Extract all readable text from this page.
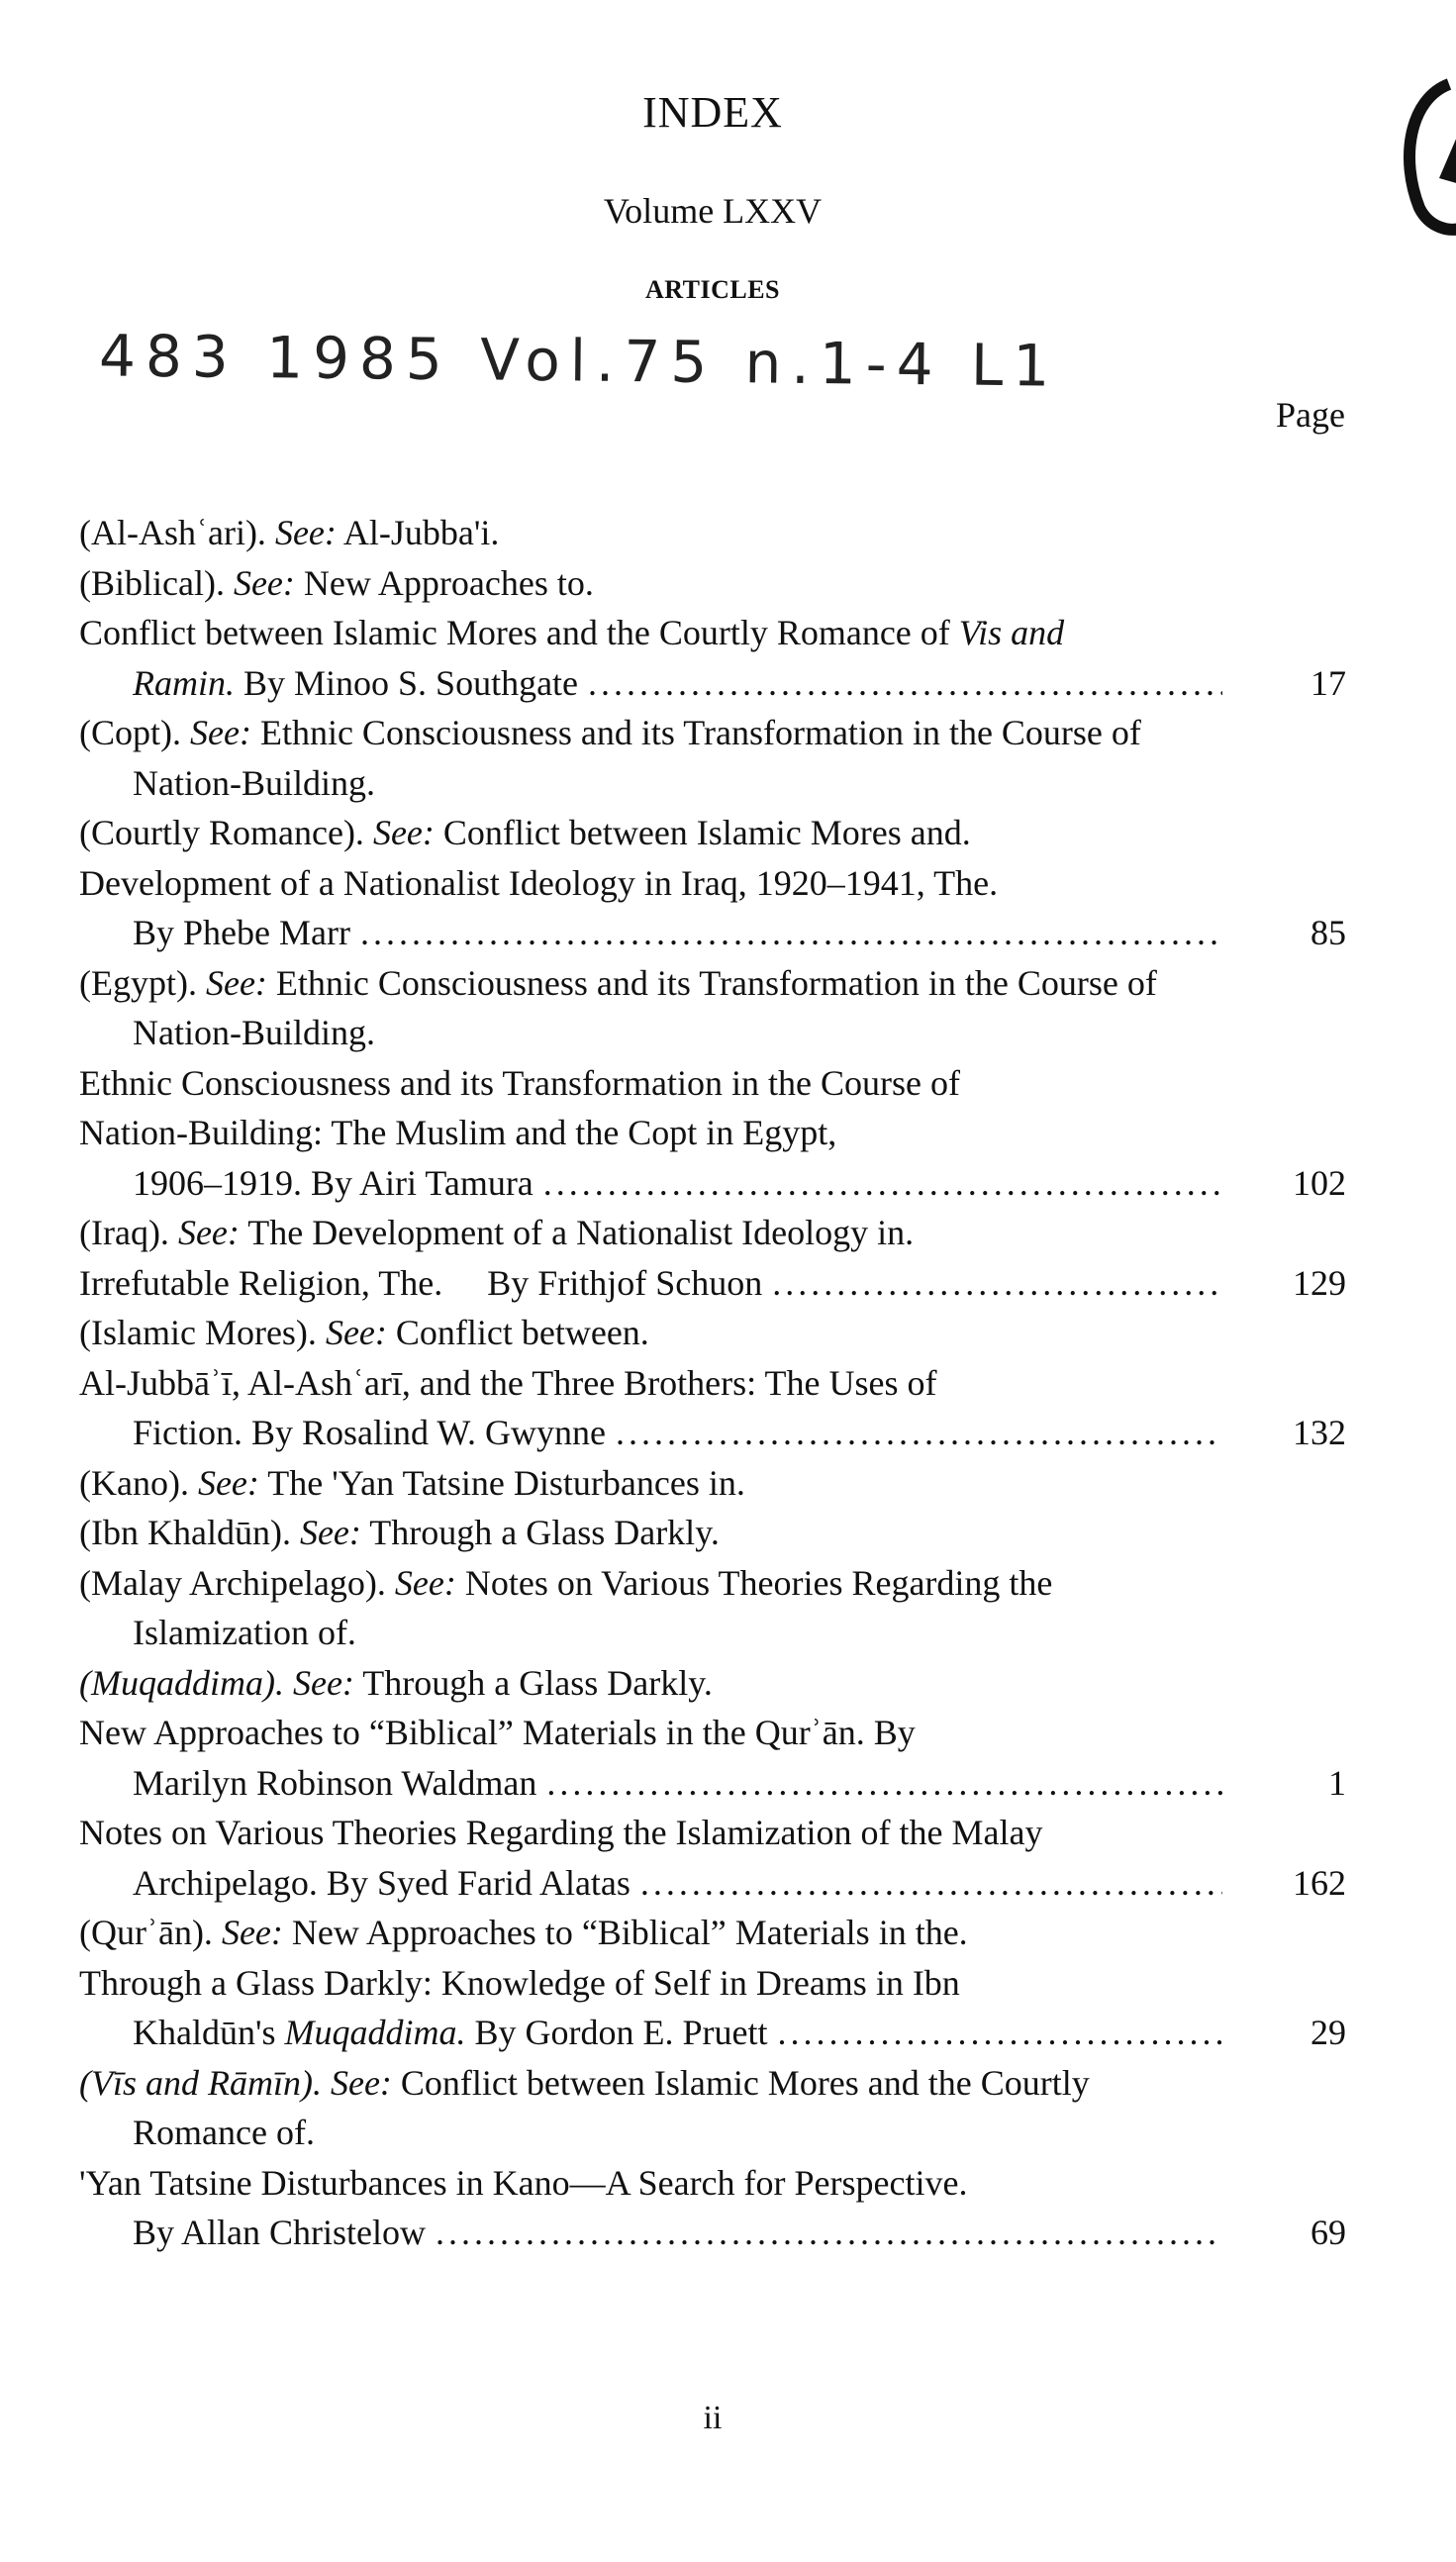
INDEX
Volume LXXV
ARTICLES
483 1985 Vol.75 n.1-4 L1
Page
(Al-Ashʿari). See: Al-Jubba'i.
(Biblical). See: New Approaches to.
Conflict between Islamic Mores and the Courtly Romance of Vis and
Ramin. By Minoo S. Southgate .....	17
(Copt). See: Ethnic Consciousness and its Transformation in the Course of Nation-Building.
(Courtly Romance). See: Conflict between Islamic Mores and.
Development of a Nationalist Ideology in Iraq, 1920–1941, The.
By Phebe Marr .....	85
(Egypt). See: Ethnic Consciousness and its Transformation in the Course of Nation-Building.
Ethnic Consciousness and its Transformation in the Course of
Nation-Building: The Muslim and the Copt in Egypt,
1906–1919. By Airi Tamura .....	102
(Iraq). See: The Development of a Nationalist Ideology in.
Irrefutable Religion, The.     By Frithjof Schuon .....	129
(Islamic Mores). See: Conflict between.
Al-Jubbāʾī, Al-Ashʿarī, and the Three Brothers: The Uses of
Fiction. By Rosalind W. Gwynne .....	132
(Kano). See: The 'Yan Tatsine Disturbances in.
(Ibn Khaldūn). See: Through a Glass Darkly.
(Malay Archipelago). See: Notes on Various Theories Regarding the Islamization of.
(Muqaddima). See: Through a Glass Darkly.
New Approaches to “Biblical” Materials in the Qurʾān. By
Marilyn Robinson Waldman .....	1
Notes on Various Theories Regarding the Islamization of the Malay
Archipelago. By Syed Farid Alatas .....	162
(Qurʾān). See: New Approaches to “Biblical” Materials in the.
Through a Glass Darkly: Knowledge of Self in Dreams in Ibn
Khaldūn's Muqaddima. By Gordon E. Pruett .....	29
(Vīs and Rāmīn). See: Conflict between Islamic Mores and the Courtly Romance of.
'Yan Tatsine Disturbances in Kano—A Search for Perspective.
By Allan Christelow .....	69
ii
